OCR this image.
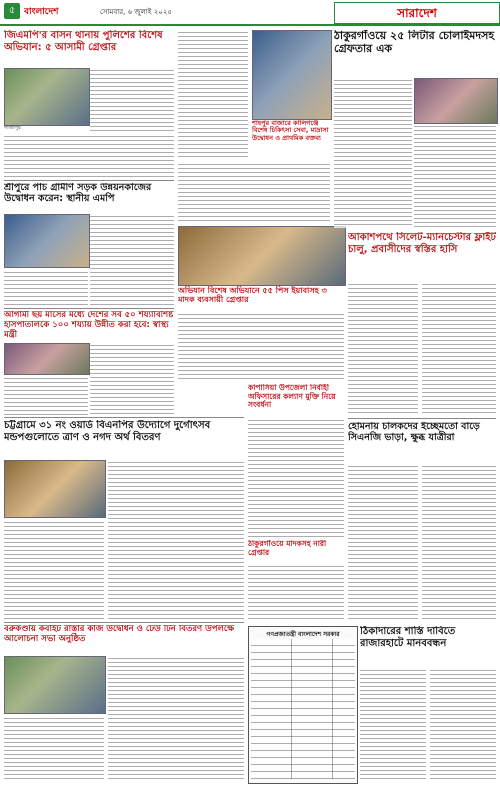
৫ বাংলাদেশ	সোমবার, ৬ জুলাই ২০২৫	সারাদেশ
জিএমপি'র বাসন থানায় পুলিশের বিশেষ অভিযান: ৫ আসামী গ্রেপ্তার
গাজীপুর
শ্রীপুরে পাঁচ গ্রামীণ সড়ক উন্নয়নকাজের উদ্বোধন করেন: স্থানীয় এমপি
আগামী ছয় মাসের মধ্যে দেশের সব ৫০ শয্যাবিশিষ্ট হাসপাতালকে ১০০ শয্যায় উন্নীত করা হবে: স্বাস্থ্য মন্ত্রী
চট্টগ্রামে ৩১ নং ওয়ার্ড বিএনপির উদ্যোগে দুর্গোৎসব মন্ডপগুলোতে ত্রাণ ও নগদ অর্থ বিতরণ
বরুকণ্ডায় কবাইট রাস্তার কাজ উদ্বোধন ও ঢেউ টিন বিতরণ উপলক্ষে আলোচনা সভা অনুষ্ঠিত
শাহপুর বাজারে কালিগঞ্জে বিশেষ চিকিৎসা সেবা, মাদ্রাসা উদ্বোধন ও প্রাথমিক বক্তব্য
অভিযান বিশেষ অভিযানে ৫৫ পিস ইয়াবাসহ ৩ মাদক ব্যবসায়ী গ্রেপ্তার
কাপাসিয়া উপজেলা নির্বাহী অফিসারের কল্যাণ মুক্তি নিয়ে সংবর্ধনা
ঠাকুরগাঁওয়ে মাদকসহ নারী গ্রেপ্তার
ঠাকুরগাঁওয়ে ২৫ লিটার চোলাইমদসহ গ্রেফতার এক
আকাশপথে সিলেট-ম্যানচেস্টার ফ্লাইট চালু, প্রবাসীদের স্বস্তির হাসি
হোমনায় চালকদের ইচ্ছেমতো বাড়ে সিএনজি ভাড়া, ক্ষুব্ধ যাত্রীরা
গণপ্রজাতন্ত্রী বাংলাদেশ সরকার	ঠিকাদারের শাস্তি দাবিতে রাজারহাটে মানববন্ধন
